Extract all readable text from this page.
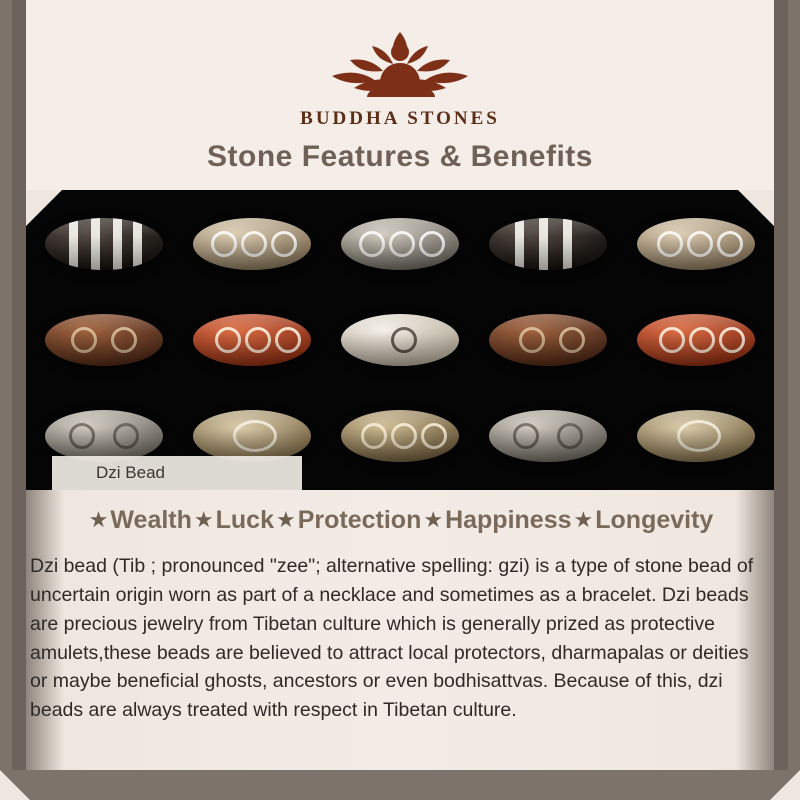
BUDDHA STONES
Stone Features & Benefits
Dzi Bead
★ Wealth ★ Luck ★ Protection ★ Happiness ★ Longevity
Dzi bead (Tib ; pronounced "zee"; alternative spelling: gzi) is a type of stone bead of uncertain origin worn as part of a necklace and sometimes as a bracelet. Dzi beads are precious jewelry from Tibetan culture which is generally prized as protective amulets,these beads are believed to attract local protectors, dharmapalas or deities or maybe beneficial ghosts, ancestors or even bodhisattvas. Because of this, dzi beads are always treated with respect in Tibetan culture.
